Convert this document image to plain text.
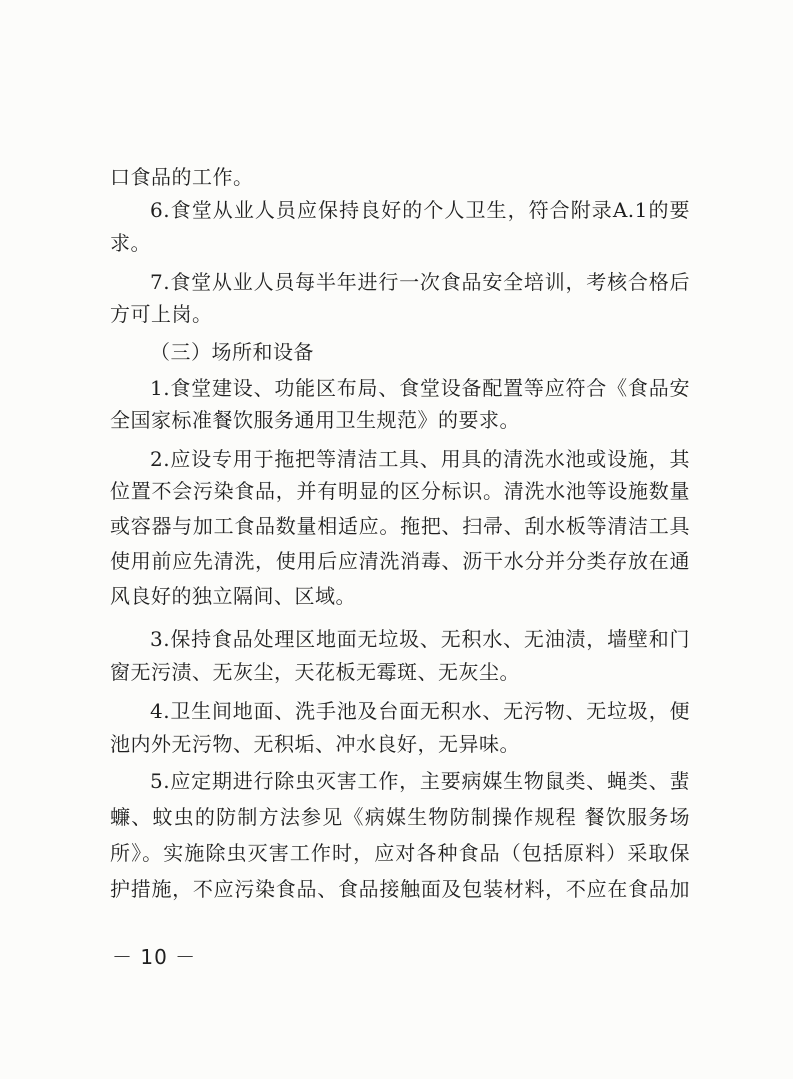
口食品的工作。
6.食堂从业人员应保持良好的个人卫生，符合附录A.1的要
求。
7.食堂从业人员每半年进行一次食品安全培训，考核合格后
方可上岗。
（三）场所和设备
1.食堂建设、功能区布局、食堂设备配置等应符合《食品安
全国家标准餐饮服务通用卫生规范》的要求。
2.应设专用于拖把等清洁工具、用具的清洗水池或设施，其
位置不会污染食品，并有明显的区分标识。清洗水池等设施数量
或容器与加工食品数量相适应。拖把、扫帚、刮水板等清洁工具
使用前应先清洗，使用后应清洗消毒、沥干水分并分类存放在通
风良好的独立隔间、区域。
3.保持食品处理区地面无垃圾、无积水、无油渍，墙壁和门
窗无污渍、无灰尘，天花板无霉斑、无灰尘。
4.卫生间地面、洗手池及台面无积水、无污物、无垃圾，便
池内外无污物、无积垢、冲水良好，无异味。
5.应定期进行除虫灭害工作，主要病媒生物鼠类、蝇类、蜚
蠊、蚊虫的防制方法参见《病媒生物防制操作规程 餐饮服务场
所》。实施除虫灭害工作时，应对各种食品（包括原料）采取保
护措施，不应污染食品、食品接触面及包装材料，不应在食品加
－ 10 －
